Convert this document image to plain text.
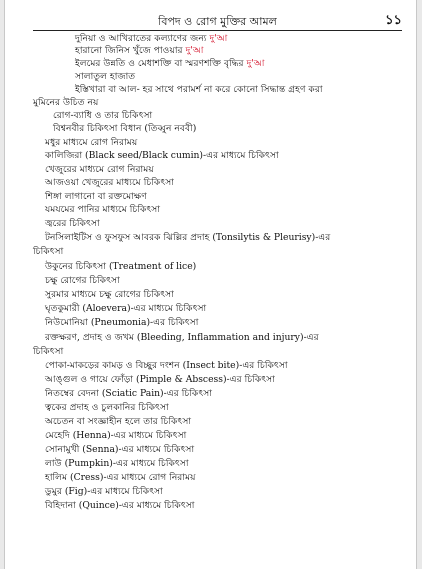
বিপদ ও রোগ মুক্তির আমল	১১
দুনিয়া ও আখিরাতের কল্যাণের জন্য দু'আ
হারানো জিনিস খুঁজে পাওয়ার দু'আ
ইলমের উন্নতি ও মেধাশক্তি বা স্মরণশক্তি বৃদ্ধির দু'আ
সালাতুল হাজাত
ইস্তিখারা বা আল- হর সাথে পরামর্শ না করে কোনো সিদ্ধান্ত গ্রহণ করা
মুমিনের উচিত নয়
রোগ-ব্যাধি ও তার চিকিৎসা
বিশ্বনবীর চিকিৎসা বিধান (তিব্বুন নববী)
মধুর মাধ্যমে রোগ নিরাময়
কালিজিরা (Black seed/Black cumin)-এর মাধ্যমে চিকিৎসা
খেজুরের মাধ্যমে রোগ নিরাময়
আজওয়া খেজুরের মাধ্যমে চিকিৎসা
শিঙ্গা লাগানো বা রক্তমোক্ষণ
যমযমের পানির মাধ্যমে চিকিৎসা
জ্বরের চিকিৎসা
টনসিলাইটিস ও ফুসফুস আবরক ঝিল্লির প্রদাহ (Tonsilytis & Pleurisy)-এর
চিকিৎসা
উকুনের চিকিৎসা (Treatment of lice)
চক্ষু রোগের চিকিৎসা
সুরমার মাধ্যমে চক্ষু রোগের চিকিৎসা
ঘৃতকুমারী (Aloevera)-এর মাধ্যমে চিকিৎসা
নিউমোনিয়া (Pneumonia)-এর চিকিৎসা
রক্তক্ষরণ, প্রদাহ ও জখম (Bleeding, Inflammation and injury)-এর
চিকিৎসা
পোকা-মাকড়ের কামড় ও বিচ্ছুর দংশন (Insect bite)-এর চিকিৎসা
আঙ্গুল ও গায়ে ফোঁড়া (Pimple & Abscess)-এর চিকিৎসা
নিতম্বের বেদনা (Sciatic Pain)-এর চিকিৎসা
ত্বকের প্রদাহ ও চুলকানির চিকিৎসা
অচেতন বা সংজ্ঞাহীন হলে তার চিকিৎসা
মেহেদি (Henna)-এর মাধ্যমে চিকিৎসা
সোনামুখী (Senna)-এর মাধ্যমে চিকিৎসা
লাউ (Pumpkin)-এর মাধ্যমে চিকিৎসা
হালিম (Cress)-এর মাধ্যমে রোগ নিরাময়
ডুমুর (Fig)-এর মাধ্যমে চিকিৎসা
বিহিদানা (Quince)-এর মাধ্যমে চিকিৎসা
